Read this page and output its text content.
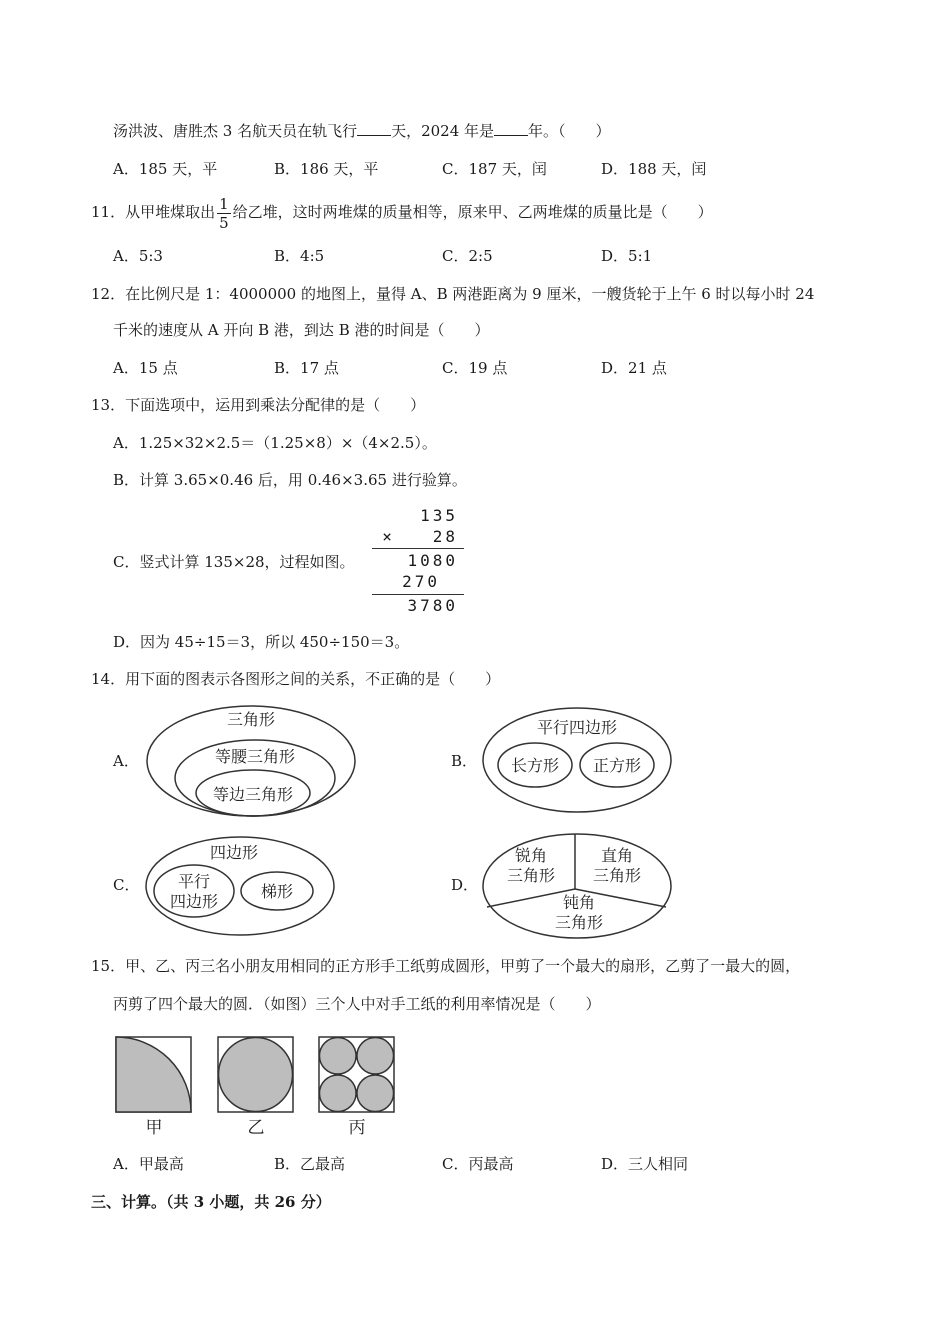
汤洪波、唐胜杰 3 名航天员在轨飞行 天，2024 年是 年。（　　）
A．185 天，平	B．186 天，平	C．187 天，闰	D．188 天，闰
11．从甲堆煤取出 $\frac{1}{5}$ 给乙堆，这时两堆煤的质量相等，原来甲、乙两堆煤的质量比是（　　）
A．5:3	B．4:5	C．2:5	D．5:1
12．在比例尺是 1：4000000 的地图上，量得 A、B 两港距离为 9 厘米，一艘货轮于上午 6 时以每小时 24
千米的速度从 A 开向 B 港，到达 B 港的时间是（　　）
A．15 点	B．17 点	C．19 点	D．21 点
13．下面选项中，运用到乘法分配律的是（　　）
A．1.25×32×2.5＝（1.25×8）×（4×2.5）。
B．计算 3.65×0.46 后，用 0.46×3.65 进行验算。
C．竖式计算 135×28，过程如图。
135
× 28
1080
270
3780
D．因为 45÷15＝3，所以 450÷150＝3。
14．用下面的图表示各图形之间的关系，不正确的是（　　）
A．
三角形
等腰三角形
等边三角形
B．
平行四边形
长方形 正方形
C．
四边形
平行
四边形
梯形	D．
锐角
三角形
直角
三角形
钝角
三角形
15．甲、乙、丙三名小朋友用相同的正方形手工纸剪成圆形，甲剪了一个最大的扇形，乙剪了一最大的圆，
丙剪了四个最大的圆．（如图）三个人中对手工纸的利用率情况是（　　）
甲	乙	丙
A．甲最高	B．乙最高	C．丙最高	D．三人相同
三、计算。（共 3 小题，共 26 分）
